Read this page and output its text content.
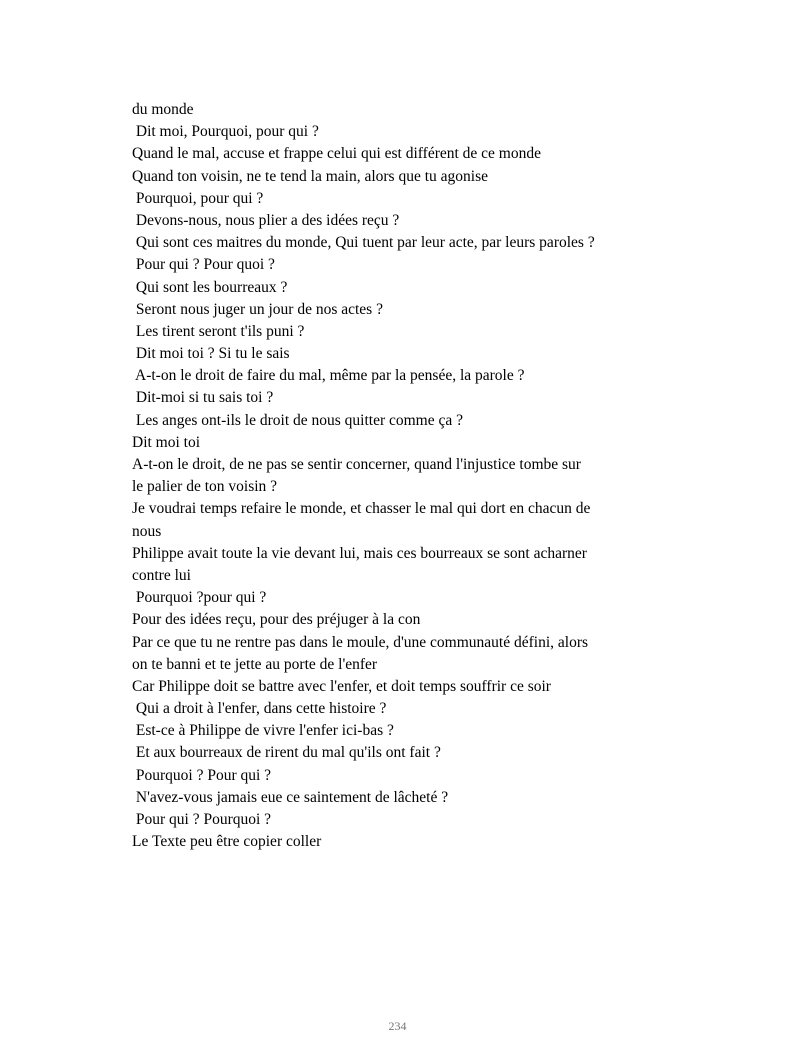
du monde
Dit moi, Pourquoi, pour qui ?
Quand le mal, accuse et frappe celui qui est différent de ce monde
Quand ton voisin, ne te tend la main, alors que tu agonise
Pourquoi, pour qui ?
Devons-nous, nous plier a des idées reçu ?
Qui sont ces maitres du monde, Qui tuent par leur acte, par leurs paroles ?
Pour qui ? Pour quoi ?
Qui sont les bourreaux ?
Seront nous juger un jour de nos actes ?
Les tirent seront t'ils puni ?
Dit moi toi ? Si tu le sais
A-t-on le droit de faire du mal, même par la pensée, la parole ?
Dit-moi si tu sais toi ?
Les anges ont-ils le droit de nous quitter comme ça ?
Dit moi toi
A-t-on le droit, de ne pas se sentir concerner, quand l'injustice tombe sur
le palier de ton voisin ?
Je voudrai temps refaire le monde, et chasser le mal qui dort en chacun de
nous
Philippe avait toute la vie devant lui, mais ces bourreaux se sont acharner
contre lui
Pourquoi ?pour qui ?
Pour des idées reçu, pour des préjuger à la con
Par ce que tu ne rentre pas dans le moule, d'une communauté défini, alors
on te banni et te jette au porte de l'enfer
Car Philippe doit se battre avec l'enfer, et doit temps souffrir ce soir
Qui a droit à l'enfer, dans cette histoire ?
Est-ce à Philippe de vivre l'enfer ici-bas ?
Et aux bourreaux de rirent du mal qu'ils ont fait ?
Pourquoi ? Pour qui ?
N'avez-vous jamais eue ce saintement de lâcheté ?
Pour qui ? Pourquoi ?
Le Texte peu être copier coller
234
